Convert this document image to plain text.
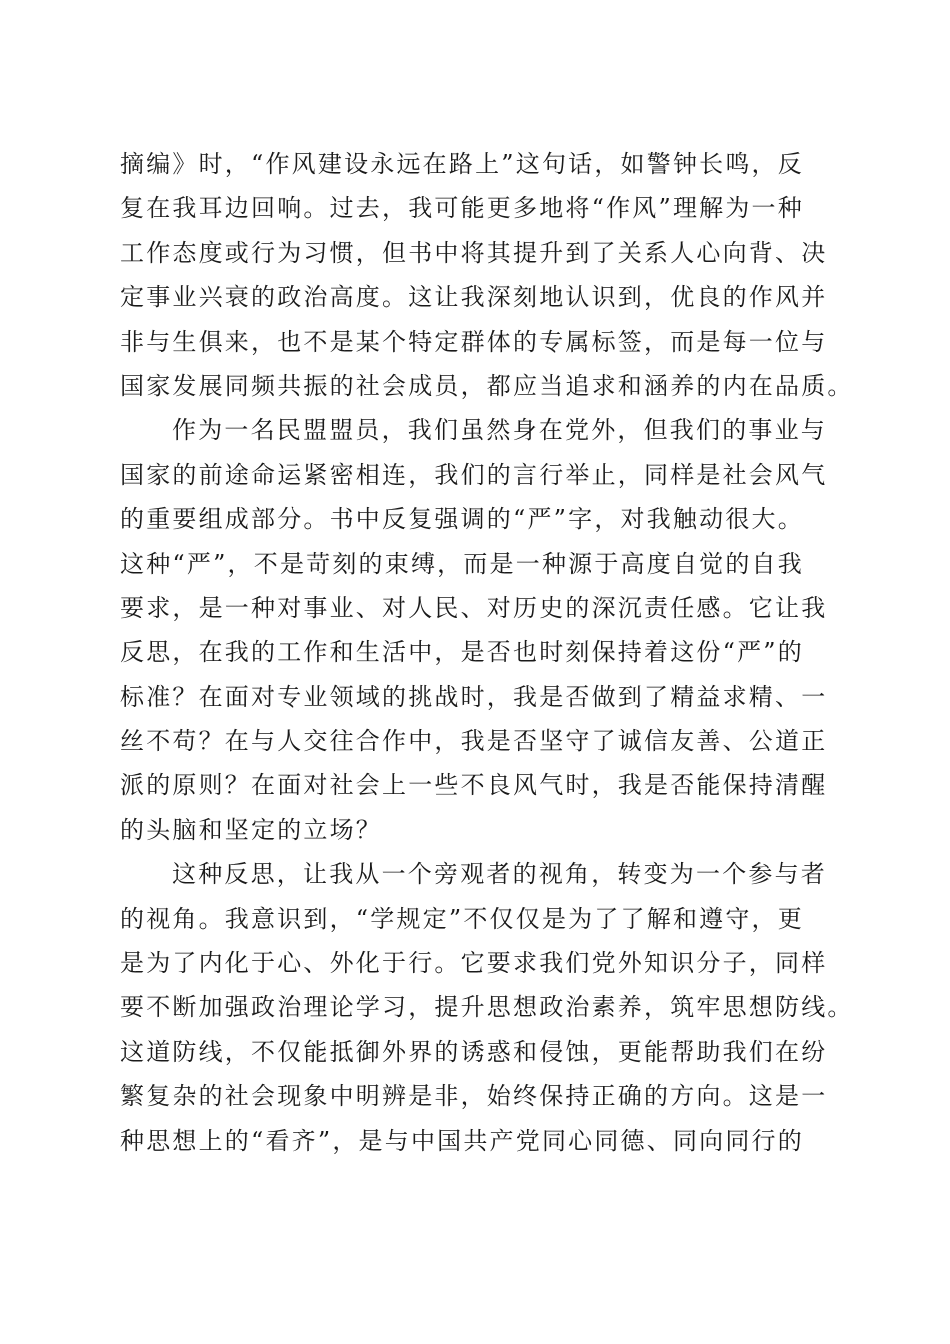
摘编》时，“作风建设永远在路上”这句话，如警钟长鸣，反
复在我耳边回响。过去，我可能更多地将“作风”理解为一种
工作态度或行为习惯，但书中将其提升到了关系人心向背、决
定事业兴衰的政治高度。这让我深刻地认识到，优良的作风并
非与生俱来，也不是某个特定群体的专属标签，而是每一位与
国家发展同频共振的社会成员，都应当追求和涵养的内在品质。
作为一名民盟盟员，我们虽然身在党外，但我们的事业与
国家的前途命运紧密相连，我们的言行举止，同样是社会风气
的重要组成部分。书中反复强调的“严”字，对我触动很大。
这种“严”，不是苛刻的束缚，而是一种源于高度自觉的自我
要求，是一种对事业、对人民、对历史的深沉责任感。它让我
反思，在我的工作和生活中，是否也时刻保持着这份“严”的
标准？在面对专业领域的挑战时，我是否做到了精益求精、一
丝不苟？在与人交往合作中，我是否坚守了诚信友善、公道正
派的原则？在面对社会上一些不良风气时，我是否能保持清醒
的头脑和坚定的立场？
这种反思，让我从一个旁观者的视角，转变为一个参与者
的视角。我意识到，“学规定”不仅仅是为了了解和遵守，更
是为了内化于心、外化于行。它要求我们党外知识分子，同样
要不断加强政治理论学习，提升思想政治素养，筑牢思想防线。
这道防线，不仅能抵御外界的诱惑和侵蚀，更能帮助我们在纷
繁复杂的社会现象中明辨是非，始终保持正确的方向。这是一
种思想上的“看齐”，是与中国共产党同心同德、同向同行的
